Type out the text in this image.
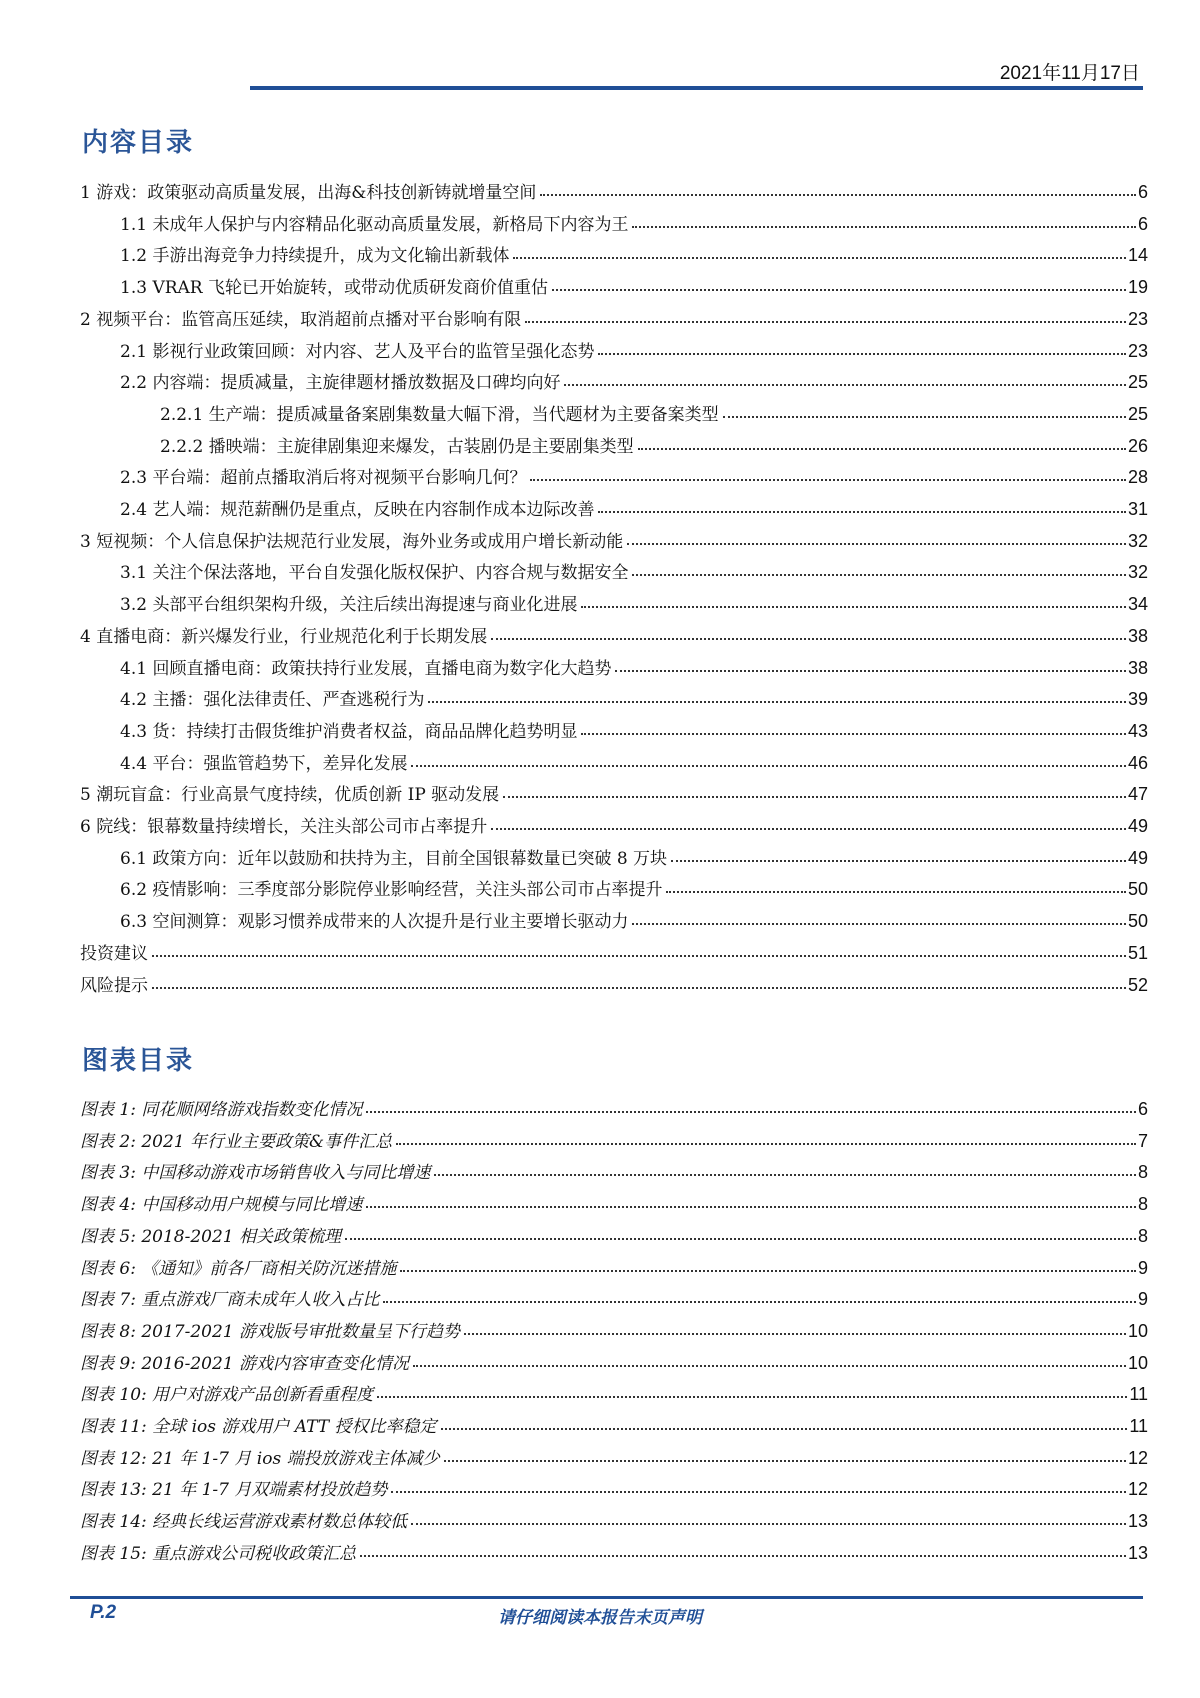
2021年11月17日
内容目录
1 游戏：政策驱动高质量发展，出海&科技创新铸就增量空间	6
1.1 未成年人保护与内容精品化驱动高质量发展，新格局下内容为王	6
1.2 手游出海竞争力持续提升，成为文化输出新载体	14
1.3 VRAR 飞轮已开始旋转，或带动优质研发商价值重估	19
2 视频平台：监管高压延续，取消超前点播对平台影响有限	23
2.1 影视行业政策回顾：对内容、艺人及平台的监管呈强化态势	23
2.2 内容端：提质减量，主旋律题材播放数据及口碑均向好	25
2.2.1 生产端：提质减量备案剧集数量大幅下滑，当代题材为主要备案类型	25
2.2.2 播映端：主旋律剧集迎来爆发，古装剧仍是主要剧集类型	26
2.3 平台端：超前点播取消后将对视频平台影响几何？	28
2.4 艺人端：规范薪酬仍是重点，反映在内容制作成本边际改善	31
3 短视频：个人信息保护法规范行业发展，海外业务或成用户增长新动能	32
3.1 关注个保法落地，平台自发强化版权保护、内容合规与数据安全	32
3.2 头部平台组织架构升级，关注后续出海提速与商业化进展	34
4 直播电商：新兴爆发行业，行业规范化利于长期发展	38
4.1 回顾直播电商：政策扶持行业发展，直播电商为数字化大趋势	38
4.2 主播：强化法律责任、严查逃税行为	39
4.3 货：持续打击假货维护消费者权益，商品品牌化趋势明显	43
4.4 平台：强监管趋势下，差异化发展	46
5 潮玩盲盒：行业高景气度持续，优质创新 IP 驱动发展	47
6 院线：银幕数量持续增长，关注头部公司市占率提升	49
6.1 政策方向：近年以鼓励和扶持为主，目前全国银幕数量已突破 8 万块	49
6.2 疫情影响：三季度部分影院停业影响经营，关注头部公司市占率提升	50
6.3 空间测算：观影习惯养成带来的人次提升是行业主要增长驱动力	50
投资建议	51
风险提示	52
图表目录
图表 1: 同花顺网络游戏指数变化情况	6
图表 2: 2021 年行业主要政策&事件汇总	7
图表 3: 中国移动游戏市场销售收入与同比增速	8
图表 4: 中国移动用户规模与同比增速	8
图表 5: 2018-2021 相关政策梳理	8
图表 6: 《通知》前各厂商相关防沉迷措施	9
图表 7: 重点游戏厂商未成年人收入占比	9
图表 8: 2017-2021 游戏版号审批数量呈下行趋势	10
图表 9: 2016-2021 游戏内容审查变化情况	10
图表 10: 用户对游戏产品创新看重程度	11
图表 11: 全球 ios 游戏用户 ATT 授权比率稳定	11
图表 12: 21 年 1-7 月 ios 端投放游戏主体减少	12
图表 13: 21 年 1-7 月双端素材投放趋势	12
图表 14: 经典长线运营游戏素材数总体较低	13
图表 15: 重点游戏公司税收政策汇总	13
P.2	请仔细阅读本报告末页声明
